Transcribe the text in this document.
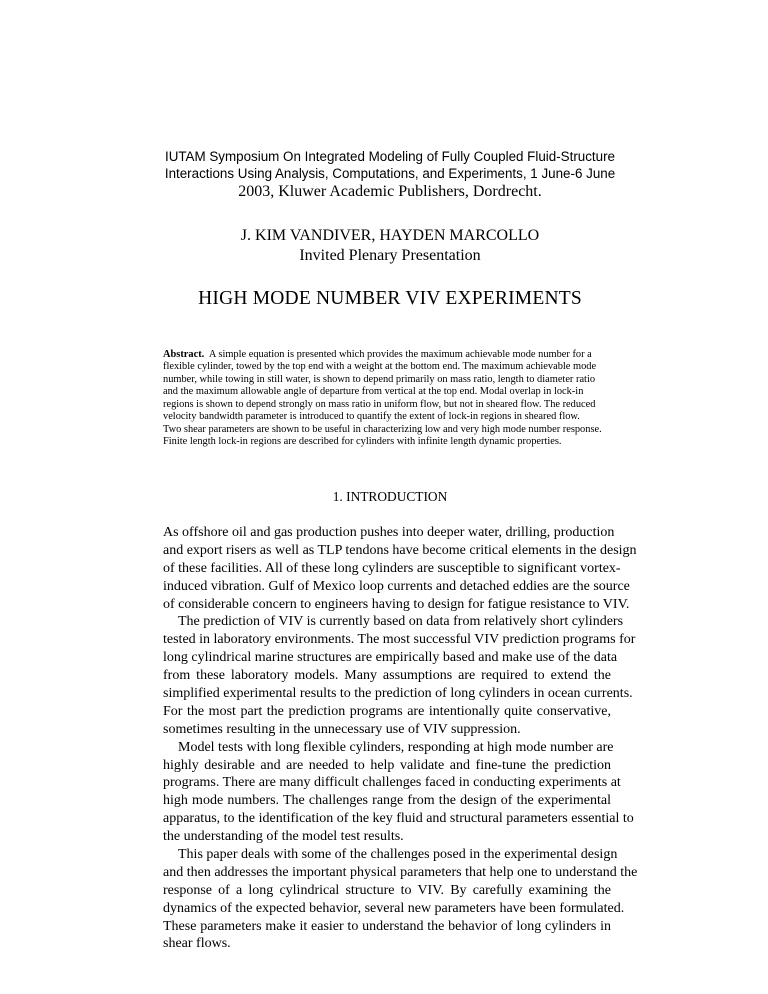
IUTAM Symposium On Integrated Modeling of Fully Coupled Fluid-Structure
Interactions Using Analysis, Computations, and Experiments, 1 June-6 June
2003, Kluwer Academic Publishers, Dordrecht.
J. KIM VANDIVER, HAYDEN MARCOLLO
Invited Plenary Presentation
HIGH MODE NUMBER VIV EXPERIMENTS
Abstract. A simple equation is presented which provides the maximum achievable mode number for a
flexible cylinder, towed by the top end with a weight at the bottom end. The maximum achievable mode
number, while towing in still water, is shown to depend primarily on mass ratio, length to diameter ratio
and the maximum allowable angle of departure from vertical at the top end. Modal overlap in lock-in
regions is shown to depend strongly on mass ratio in uniform flow, but not in sheared flow. The reduced
velocity bandwidth parameter is introduced to quantify the extent of lock-in regions in sheared flow.
Two shear parameters are shown to be useful in characterizing low and very high mode number response.
Finite length lock-in regions are described for cylinders with infinite length dynamic properties.
1. INTRODUCTION
As offshore oil and gas production pushes into deeper water, drilling, production
and export risers as well as TLP tendons have become critical elements in the design
of these facilities. All of these long cylinders are susceptible to significant vortex-
induced vibration. Gulf of Mexico loop currents and detached eddies are the source
of considerable concern to engineers having to design for fatigue resistance to VIV.
The prediction of VIV is currently based on data from relatively short cylinders
tested in laboratory environments. The most successful VIV prediction programs for
long cylindrical marine structures are empirically based and make use of the data
from these laboratory models. Many assumptions are required to extend the
simplified experimental results to the prediction of long cylinders in ocean currents.
For the most part the prediction programs are intentionally quite conservative,
sometimes resulting in the unnecessary use of VIV suppression.
Model tests with long flexible cylinders, responding at high mode number are
highly desirable and are needed to help validate and fine-tune the prediction
programs. There are many difficult challenges faced in conducting experiments at
high mode numbers. The challenges range from the design of the experimental
apparatus, to the identification of the key fluid and structural parameters essential to
the understanding of the model test results.
This paper deals with some of the challenges posed in the experimental design
and then addresses the important physical parameters that help one to understand the
response of a long cylindrical structure to VIV. By carefully examining the
dynamics of the expected behavior, several new parameters have been formulated.
These parameters make it easier to understand the behavior of long cylinders in
shear flows.
